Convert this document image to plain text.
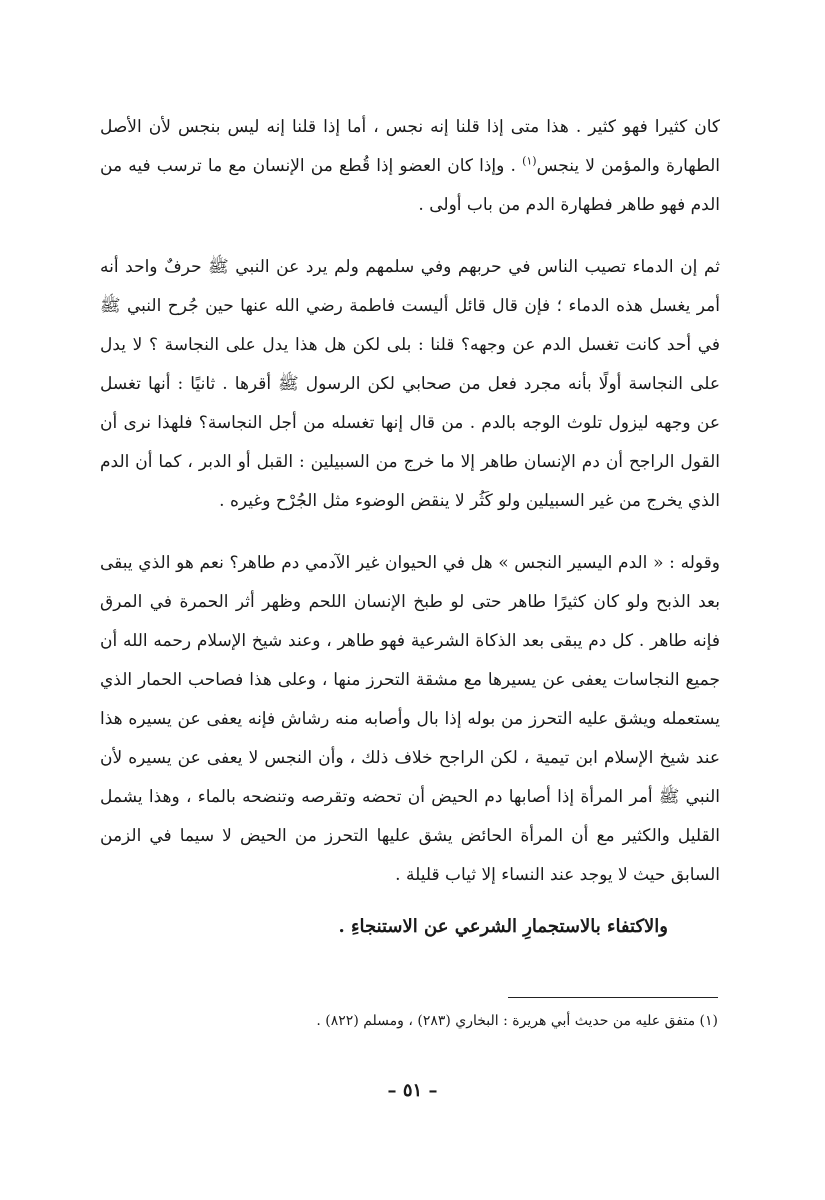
كان كثيرا فهو كثير . هذا متى إذا قلنا إنه نجس ، أما إذا قلنا إنه ليس بنجس لأن الأصل الطهارة والمؤمن لا ينجس$^{(١)}$ . وإذا كان العضو إذا قُطع من الإنسان مع ما ترسب فيه من الدم فهو طاهر فطهارة الدم من باب أولى .

ثم إن الدماء تصيب الناس في حربهم وفي سلمهم ولم يرد عن النبي ﷺ حرفٌ واحد أنه أمر يغسل هذه الدماء ؛ فإن قال قائل أليست فاطمة رضي الله عنها حين جُرح النبي ﷺ في أحد كانت تغسل الدم عن وجهه؟ قلنا : بلى لكن هل هذا يدل على النجاسة ؟ لا يدل على النجاسة أولًا بأنه مجرد فعل من صحابي لكن الرسول ﷺ أقرها . ثانيًا : أنها تغسل عن وجهه ليزول تلوث الوجه بالدم . من قال إنها تغسله من أجل النجاسة؟ فلهذا نرى أن القول الراجح أن دم الإنسان طاهر إلا ما خرج من السبيلين : القبل أو الدبر ، كما أن الدم الذي يخرج من غير السبيلين ولو كَثُر لا ينقض الوضوء مثل الجُرْح وغيره .

وقوله : « الدم اليسير النجس » هل في الحيوان غير الآدمي دم طاهر؟ نعم هو الذي يبقى بعد الذبح ولو كان كثيرًا طاهر حتى لو طبخ الإنسان اللحم وظهر أثر الحمرة في المرق فإنه طاهر . كل دم يبقى بعد الذكاة الشرعية فهو طاهر ، وعند شيخ الإسلام رحمه الله أن جميع النجاسات يعفى عن يسيرها مع مشقة التحرز منها ، وعلى هذا فصاحب الحمار الذي يستعمله ويشق عليه التحرز من بوله إذا بال وأصابه منه رشاش فإنه يعفى عن يسيره هذا عند شيخ الإسلام ابن تيمية ، لكن الراجح خلاف ذلك ، وأن النجس لا يعفى عن يسيره لأن النبي ﷺ أمر المرأة إذا أصابها دم الحيض أن تحضه وتقرصه وتنضحه بالماء ، وهذا يشمل القليل والكثير مع أن المرأة الحائض يشق عليها التحرز من الحيض لا سيما في الزمن السابق حيث لا يوجد عند النساء إلا ثياب قليلة .

والاكتفاء بالاستجمارِ الشرعي عن الاستنجاءِ .

(١) متفق عليه من حديث أبي هريرة : البخاري (٢٨٣) ، ومسلم (٨٢٢) .

– ٥١ –
